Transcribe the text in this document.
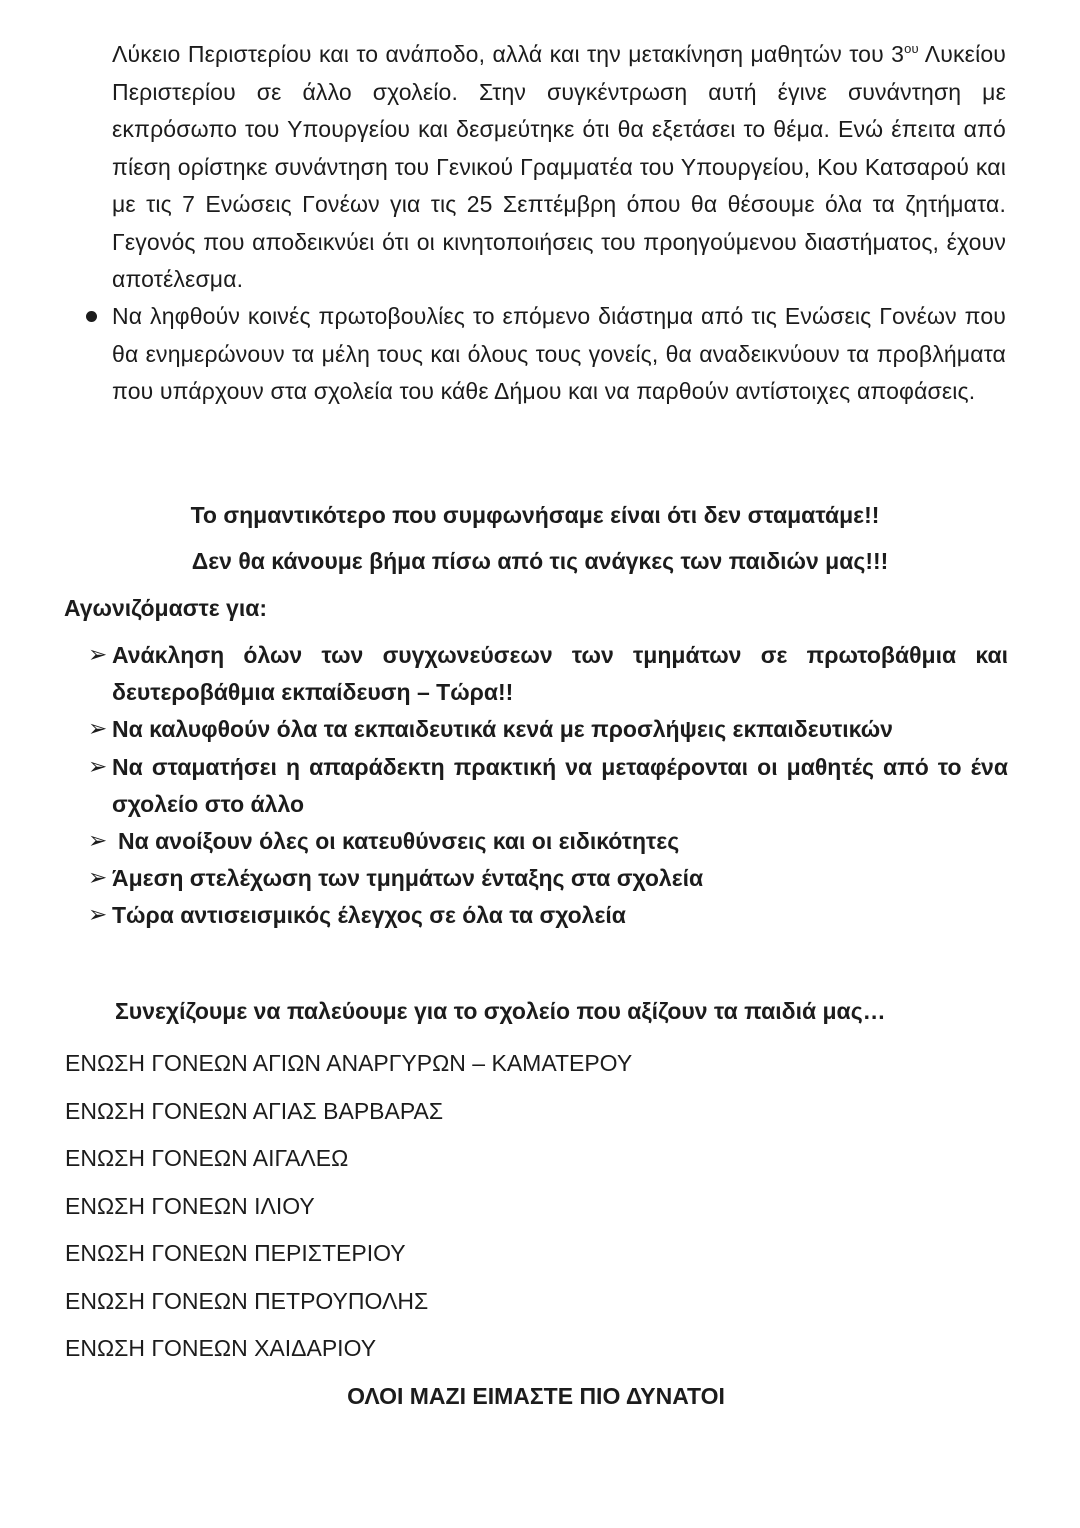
Λύκειο Περιστερίου και το ανάποδο, αλλά και την μετακίνηση μαθητών του $3^{o\upsilon}$ Λυκείου Περιστερίου σε άλλο σχολείο. Στην συγκέντρωση αυτή έγινε συνάντηση με εκπρόσωπο του Υπουργείου και δεσμεύτηκε ότι θα εξετάσει το θέμα. Ενώ έπειτα από πίεση ορίστηκε συνάντηση του Γενικού Γραμματέα του Υπουργείου, Κου Κατσαρού και με τις 7 Ενώσεις Γονέων για τις 25 Σεπτέμβρη όπου θα θέσουμε όλα τα ζητήματα. Γεγονός που αποδεικνύει ότι οι κινητοποιήσεις του προηγούμενου διαστήματος, έχουν αποτέλεσμα.
Να ληφθούν κοινές πρωτοβουλίες το επόμενο διάστημα από τις Ενώσεις Γονέων που θα ενημερώνουν τα μέλη τους και όλους τους γονείς, θα αναδεικνύουν τα προβλήματα που υπάρχουν στα σχολεία του κάθε Δήμου και να παρθούν αντίστοιχες αποφάσεις.
Το σημαντικότερο που συμφωνήσαμε είναι ότι δεν σταματάμε!!
Δεν θα κάνουμε βήμα πίσω από τις ανάγκες των παιδιών μας!!!
Αγωνιζόμαστε για:
➢ Ανάκληση όλων των συγχωνεύσεων των τμημάτων σε πρωτοβάθμια και δευτεροβάθμια εκπαίδευση – Τώρα!!
➢ Να καλυφθούν όλα τα εκπαιδευτικά κενά με προσλήψεις εκπαιδευτικών
➢ Να σταματήσει η απαράδεκτη πρακτική να μεταφέρονται οι μαθητές από το ένα σχολείο στο άλλο
➢ Να ανοίξουν όλες οι κατευθύνσεις και οι ειδικότητες
➢ Άμεση στελέχωση των τμημάτων ένταξης στα σχολεία
➢ Τώρα αντισεισμικός έλεγχος σε όλα τα σχολεία
Συνεχίζουμε να παλεύουμε για το σχολείο που αξίζουν τα παιδιά μας…
ΕΝΩΣΗ ΓΟΝΕΩΝ ΑΓΙΩΝ ΑΝΑΡΓΥΡΩΝ – ΚΑΜΑΤΕΡΟΥ
ΕΝΩΣΗ ΓΟΝΕΩΝ ΑΓΙΑΣ ΒΑΡΒΑΡΑΣ
ΕΝΩΣΗ ΓΟΝΕΩΝ ΑΙΓΑΛΕΩ
ΕΝΩΣΗ ΓΟΝΕΩΝ ΙΛΙΟΥ
ΕΝΩΣΗ ΓΟΝΕΩΝ ΠΕΡΙΣΤΕΡΙΟΥ
ΕΝΩΣΗ ΓΟΝΕΩΝ ΠΕΤΡΟΥΠΟΛΗΣ
ΕΝΩΣΗ ΓΟΝΕΩΝ ΧΑΙΔΑΡΙΟΥ
ΟΛΟΙ ΜΑΖΙ ΕΙΜΑΣΤΕ ΠΙΟ ΔΥΝΑΤΟΙ
